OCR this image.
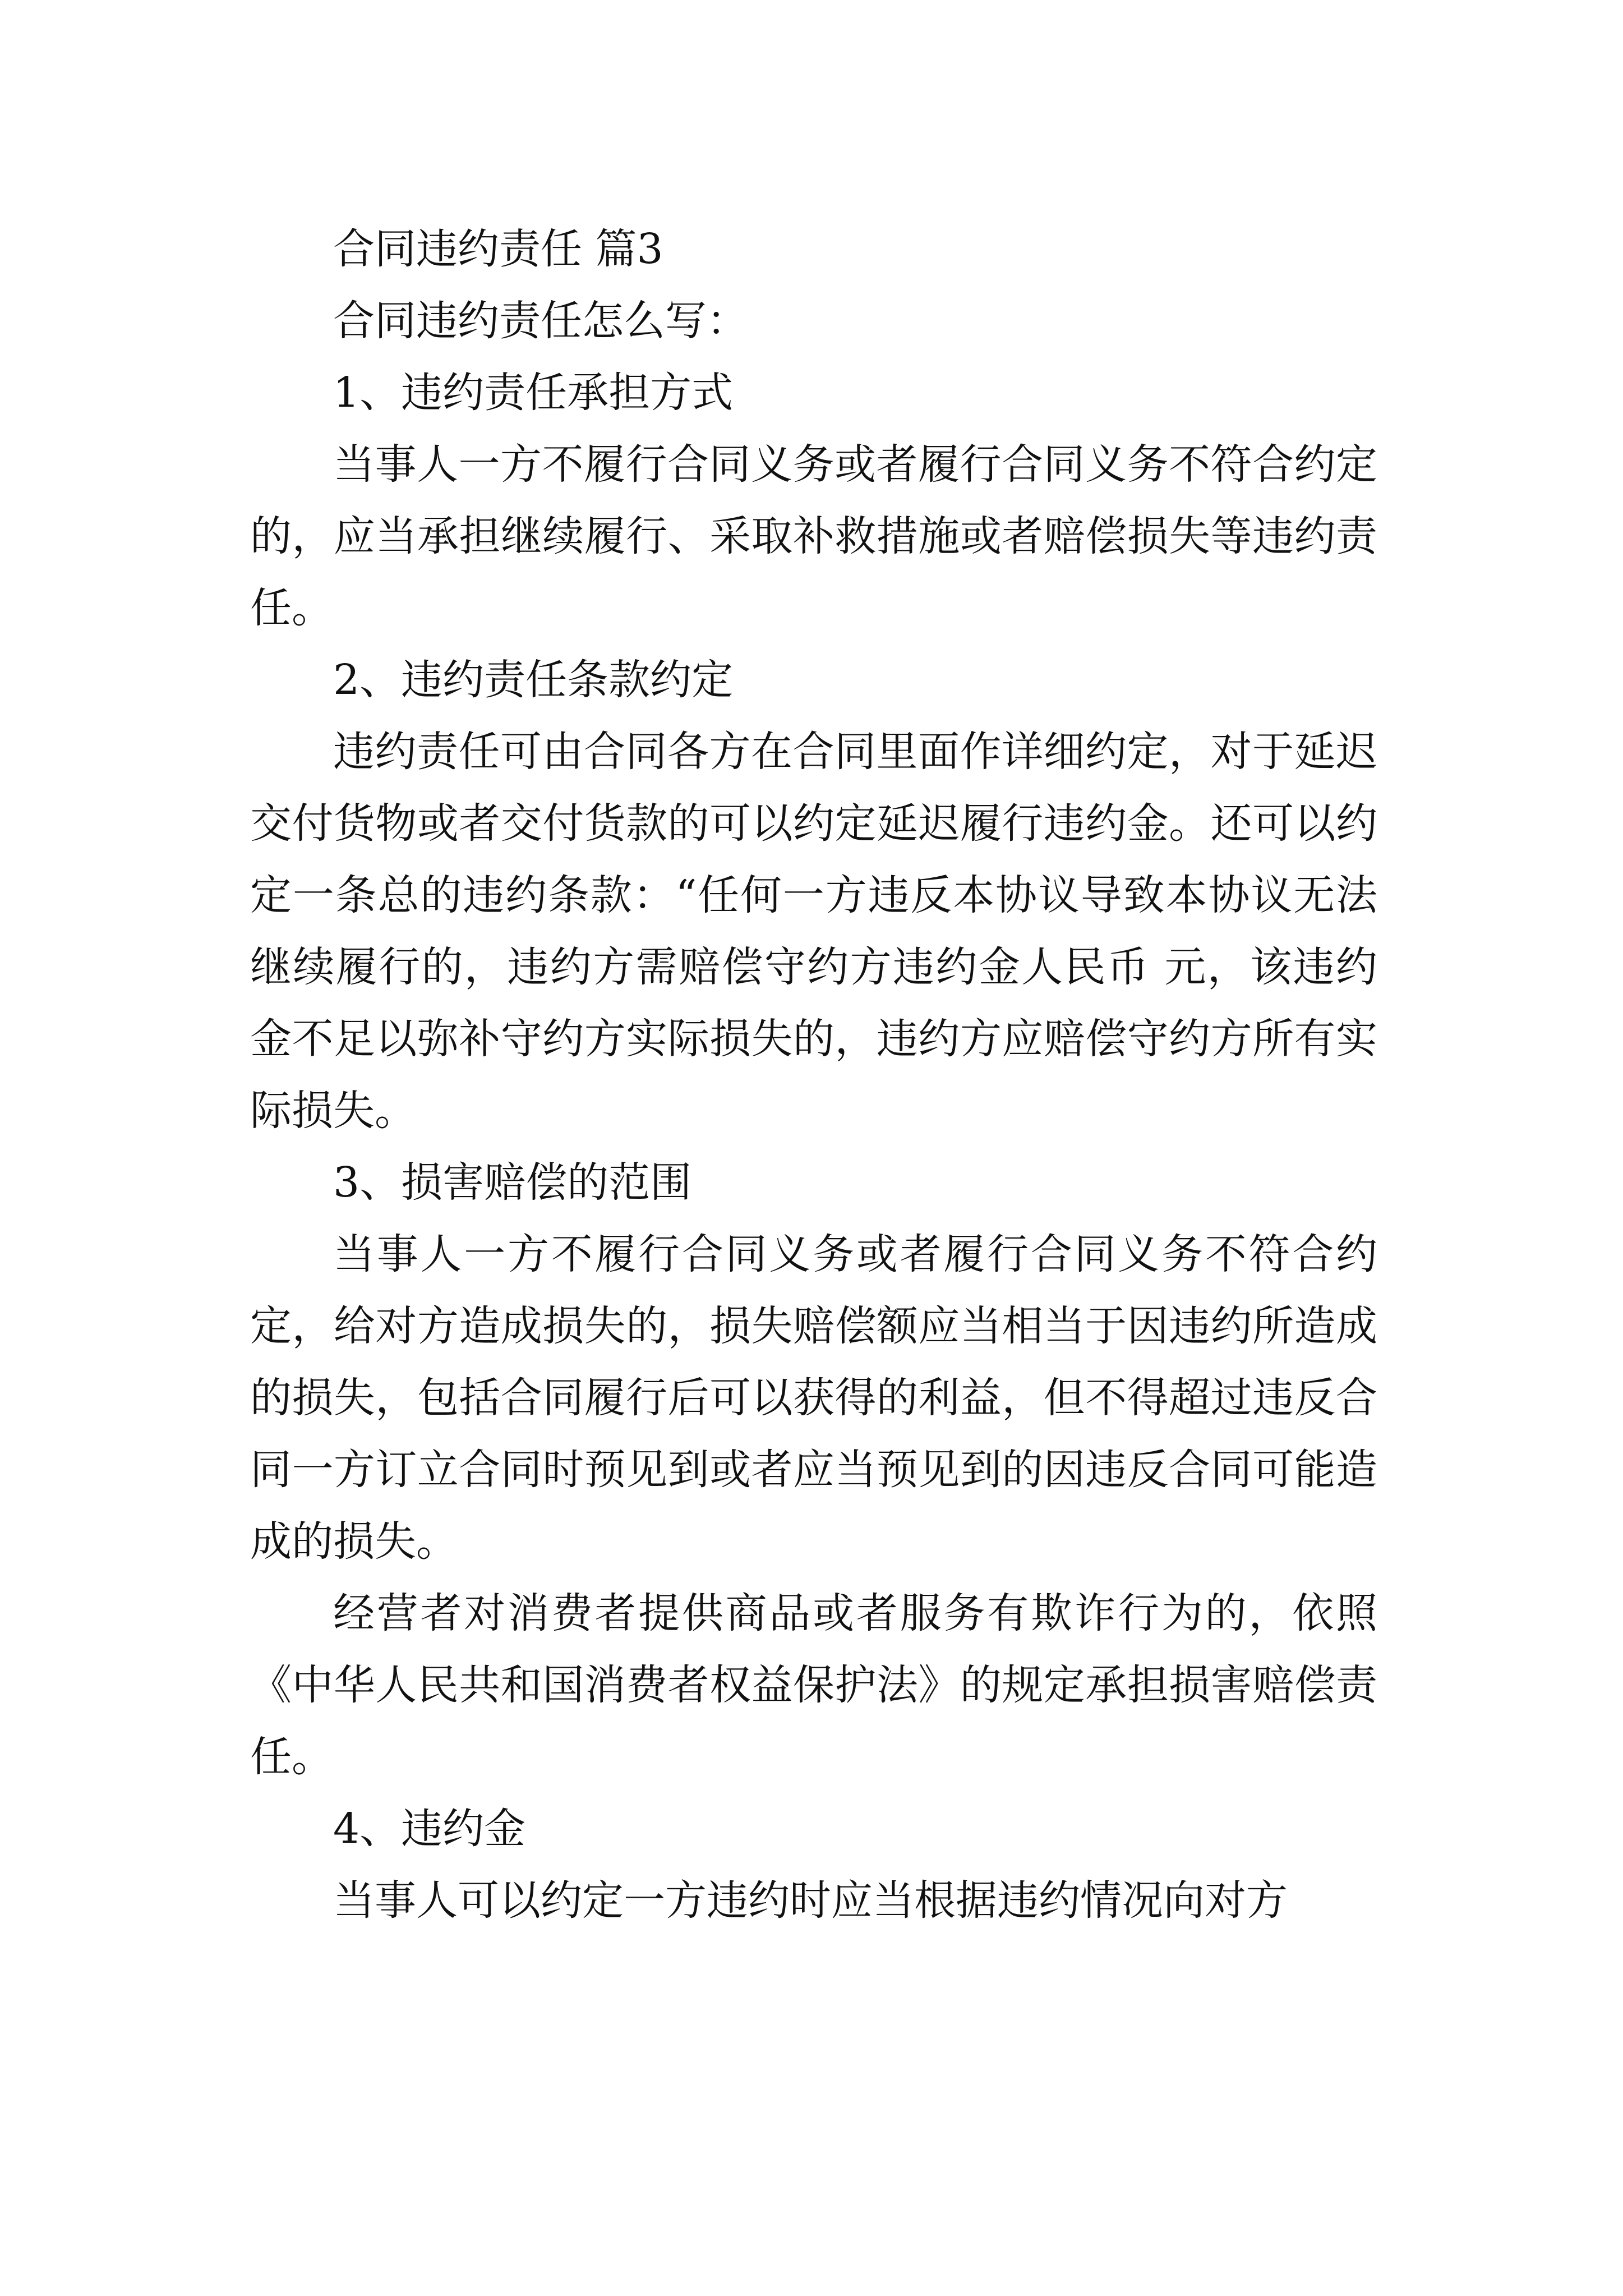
合同违约责任 篇3

合同违约责任怎么写：

1、违约责任承担方式

当事人一方不履行合同义务或者履行合同义务不符合约定的，应当承担继续履行、采取补救措施或者赔偿损失等违约责任。

2、违约责任条款约定

违约责任可由合同各方在合同里面作详细约定，对于延迟交付货物或者交付货款的可以约定延迟履行违约金。还可以约定一条总的违约条款：“任何一方违反本协议导致本协议无法继续履行的，违约方需赔偿守约方违约金人民币 元，该违约金不足以弥补守约方实际损失的，违约方应赔偿守约方所有实际损失。

3、损害赔偿的范围

当事人一方不履行合同义务或者履行合同义务不符合约定，给对方造成损失的，损失赔偿额应当相当于因违约所造成的损失，包括合同履行后可以获得的利益，但不得超过违反合同一方订立合同时预见到或者应当预见到的因违反合同可能造成的损失。

经营者对消费者提供商品或者服务有欺诈行为的，依照《中华人民共和国消费者权益保护法》的规定承担损害赔偿责任。

4、违约金

当事人可以约定一方违约时应当根据违约情况向对方
